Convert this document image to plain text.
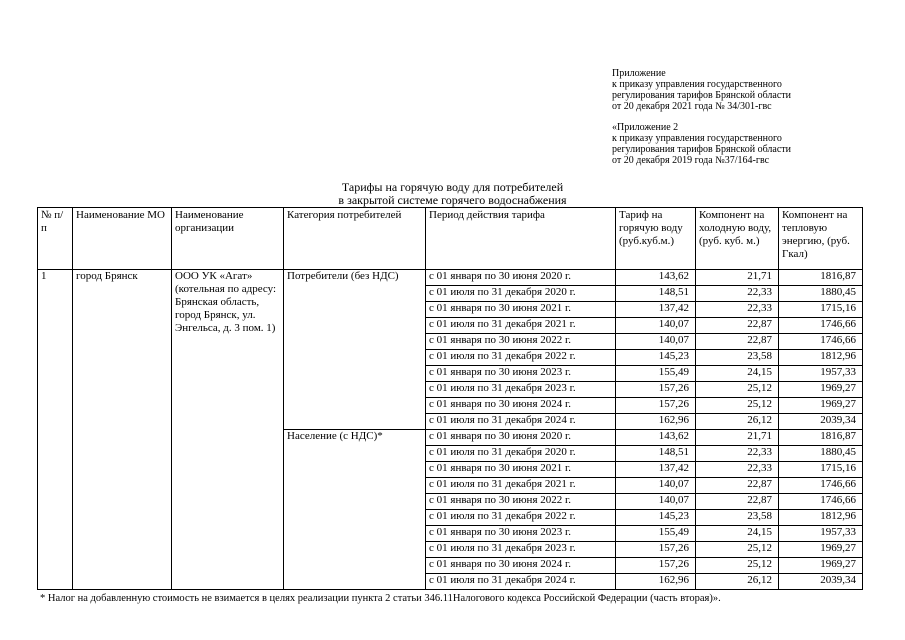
Приложение
к приказу управления государственного
регулирования тарифов Брянской области
от 20 декабря 2021 года № 34/301-гвс

«Приложение 2
к приказу управления государственного
регулирования тарифов Брянской области
от 20 декабря 2019 года №37/164-гвс

Тарифы на горячую воду для потребителей
в закрытой системе горячего водоснабжения
№ п/п	Наименование МО	Наименование организации	Категория потребителей	Период действия тарифа	Тариф на горячую воду (руб.куб.м.)	Компонент на холодную воду, (руб. куб. м.)	Компонент на тепловую энергию, (руб. Гкал)
1	город Брянск	ООО УК «Агат» (котельная по адресу: Брянская область, город Брянск, ул. Энгельса, д. 3 пом. 1)	Потребители (без НДС)	с 01 января по 30 июня 2020 г.	143,62	21,71	1816,87
				с 01 июля по 31 декабря 2020 г.	148,51	22,33	1880,45
				с 01 января по 30 июня 2021 г.	137,42	22,33	1715,16
				с 01 июля по 31 декабря 2021 г.	140,07	22,87	1746,66
				с 01 января по 30 июня 2022 г.	140,07	22,87	1746,66
				с 01 июля по 31 декабря 2022 г.	145,23	23,58	1812,96
				с 01 января по 30 июня 2023 г.	155,49	24,15	1957,33
				с 01 июля по 31 декабря 2023 г.	157,26	25,12	1969,27
				с 01 января по 30 июня 2024 г.	157,26	25,12	1969,27
				с 01 июля по 31 декабря 2024 г.	162,96	26,12	2039,34
			Население (с НДС)*	с 01 января по 30 июня 2020 г.	143,62	21,71	1816,87
				с 01 июля по 31 декабря 2020 г.	148,51	22,33	1880,45
				с 01 января по 30 июня 2021 г.	137,42	22,33	1715,16
				с 01 июля по 31 декабря 2021 г.	140,07	22,87	1746,66
				с 01 января по 30 июня 2022 г.	140,07	22,87	1746,66
				с 01 июля по 31 декабря 2022 г.	145,23	23,58	1812,96
				с 01 января по 30 июня 2023 г.	155,49	24,15	1957,33
				с 01 июля по 31 декабря 2023 г.	157,26	25,12	1969,27
				с 01 января по 30 июня 2024 г.	157,26	25,12	1969,27
				с 01 июля по 31 декабря 2024 г.	162,96	26,12	2039,34
* Налог на добавленную стоимость не взимается в целях реализации пункта 2 статьи 346.11Налогового кодекса Российской Федерации (часть вторая)».
